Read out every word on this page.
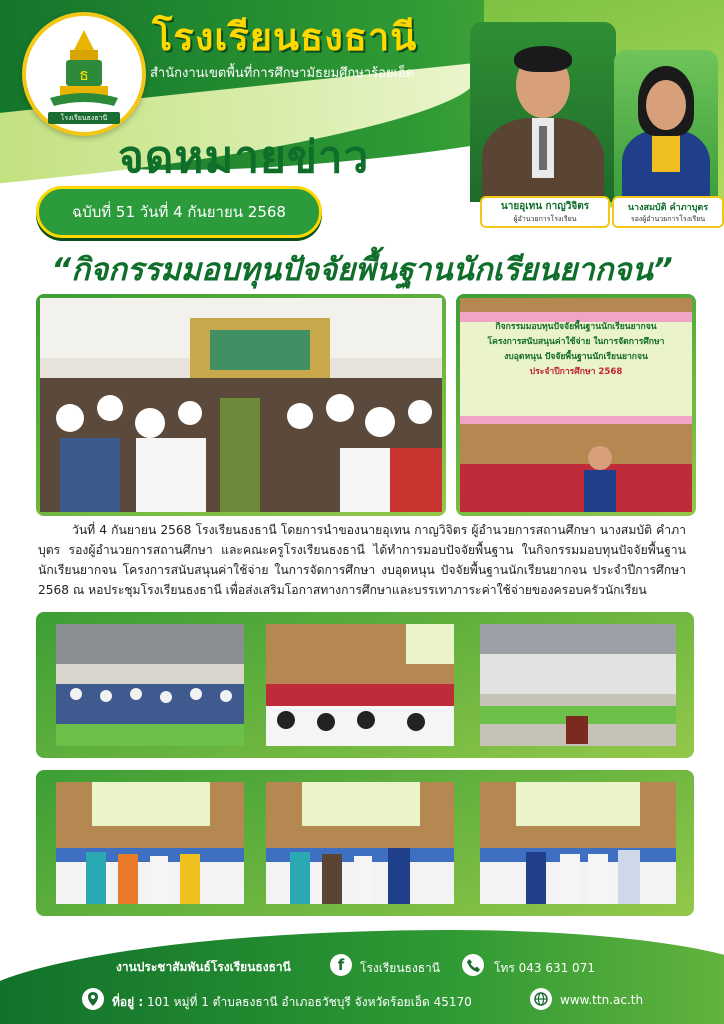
ธ
โรงเรียนธงธานี
โรงเรียนธงธานี
สำนักงานเขตพื้นที่การศึกษามัธยมศึกษาร้อยเอ็ด
จดหมายข่าว
ฉบับที่ 51 วันที่ 4 กันยายน 2568	นายอุเทน กาญวิจิตร
ผู้อำนวยการโรงเรียน
นางสมบัติ คำภาบุตร
รองผู้อำนวยการโรงเรียน
“กิจกรรมมอบทุนปัจจัยพื้นฐานนักเรียนยากจน”
กิจกรรมมอบทุนปัจจัยพื้นฐานนักเรียนยากจน
โครงการสนับสนุนค่าใช้จ่าย ในการจัดการศึกษา
งบอุดหนุน ปัจจัยพื้นฐานนักเรียนยากจน
ประจำปีการศึกษา 2568
วันที่ 4 กันยายน 2568 โรงเรียนธงธานี โดยการนำของนายอุเทน กาญวิจิตร ผู้อำนวยการสถานศึกษา นางสมบัติ คำภาบุตร รองผู้อำนวยการสถานศึกษา และคณะครูโรงเรียนธงธานี ได้ทำการมอบปัจจัยพื้นฐาน ในกิจกรรมมอบทุนปัจจัยพื้นฐานนักเรียนยากจน โครงการสนับสนุนค่าใช้จ่าย ในการจัดการศึกษา งบอุดหนุน ปัจจัยพื้นฐานนักเรียนยากจน ประจำปีการศึกษา 2568 ณ หอประชุมโรงเรียนธงธานี เพื่อส่งเสริมโอกาสทางการศึกษาและบรรเทาภาระค่าใช้จ่ายของครอบครัวนักเรียน
งานประชาสัมพันธ์โรงเรียนธงธานี	f	โรงเรียนธงธานี	โทร 043 631 071
ที่อยู่ : 101 หมู่ที่ 1 ตำบลธงธานี อำเภอธวัชบุรี จังหวัดร้อยเอ็ด 45170	www.ttn.ac.th
